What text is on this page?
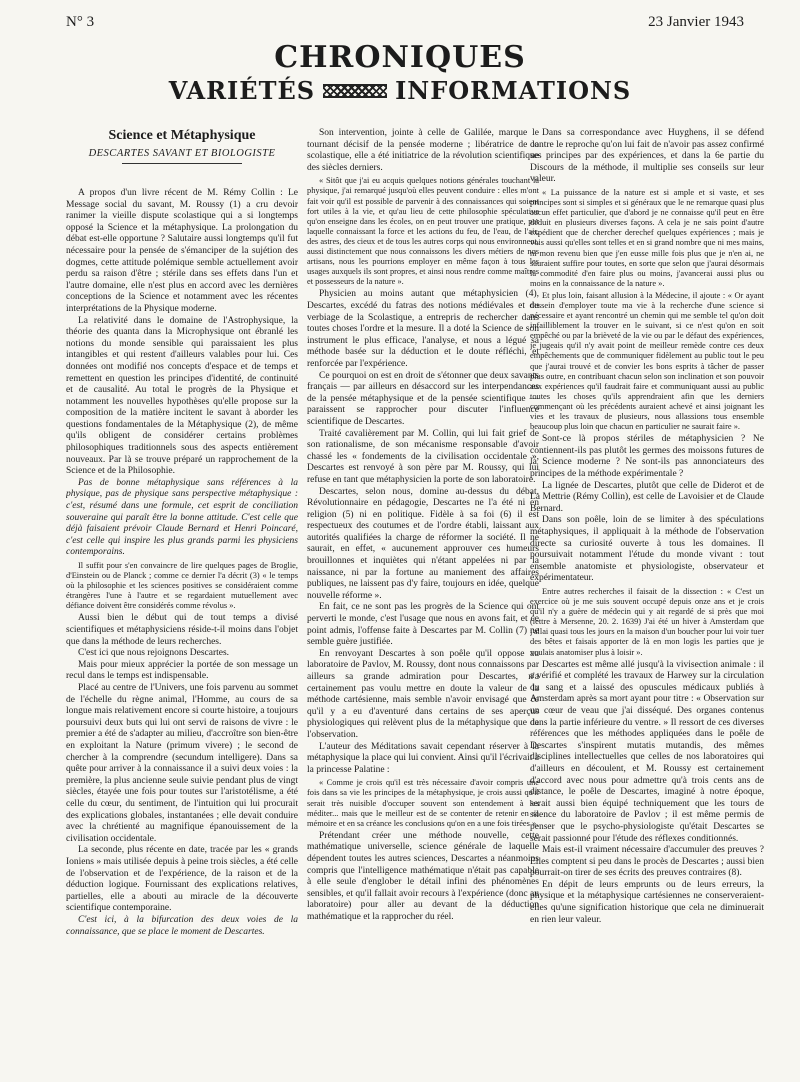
N° 3	23 Janvier 1943
CHRONIQUES
VARIÉTÉS	INFORMATIONS
Science et Métaphysique
DESCARTES SAVANT ET BIOLOGISTE

A propos d'un livre récent de M. Rémy Collin : Le Message social du savant, M. Roussy (1) a cru devoir ranimer la vieille dispute scolastique qui a si longtemps opposé la Science et la métaphysique. La prolongation du débat est-elle opportune ? Salutaire aussi longtemps qu'il fut nécessaire pour la pensée de s'émanciper de la sujétion des dogmes, cette attitude polémique semble actuellement avoir perdu sa raison d'être ; stérile dans ses effets dans l'un et l'autre domaine, elle n'est plus en accord avec les dernières conceptions de la Science et notamment avec les récentes interprétations de la Physique moderne.

La relativité dans le domaine de l'Astrophysique, la théorie des quanta dans la Microphysique ont ébranlé les notions du monde sensible qui paraissaient les plus intangibles et qui restent d'ailleurs valables pour lui. Ces données ont modifié nos concepts d'espace et de temps et remettent en question les principes d'identité, de continuité et de causalité. Au total le progrès de la Physique et notamment les nouvelles hypothèses qu'elle propose sur la composition de la matière incitent le savant à aborder les questions fondamentales de la Métaphysique (2), de même qu'ils obligent de considérer certains problèmes philosophiques traditionnels sous des aspects entièrement nouveaux. Par là se trouve préparé un rapprochement de la Science et de la Philosophie.

Pas de bonne métaphysique sans références à la physique, pas de physique sans perspective métaphysique : c'est, résumé dans une formule, cet esprit de conciliation souveraine qui paraît être la bonne attitude. C'est celle que déjà faisaient prévoir Claude Bernard et Henri Poincaré, c'est celle qui inspire les plus grands parmi les physiciens contemporains.

Il suffit pour s'en convaincre de lire quelques pages de Broglie, d'Einstein ou de Planck ; comme ce dernier l'a décrit (3) « le temps où la philosophie et les sciences positives se considéraient comme étrangères l'une à l'autre et se regardaient mutuellement avec défiance doivent être considérés comme révolus ».

Aussi bien le début qui de tout temps a divisé scientifiques et métaphysiciens réside-t-il moins dans l'objet que dans la méthode de leurs recherches.

C'est ici que nous rejoignons Descartes.

Mais pour mieux apprécier la portée de son message un recul dans le temps est indispensable.

Placé au centre de l'Univers, une fois parvenu au sommet de l'échelle du règne animal, l'Homme, au cours de sa longue mais relativement encore si courte histoire, a toujours poursuivi deux buts qui lui ont servi de raisons de vivre : le premier a été de s'adapter au milieu, d'accroître son bien-être en exploitant la Nature (primum vivere) ; le second de chercher à la comprendre (secundum intelligere). Dans sa quête pour arriver à la connaissance il a suivi deux voies : la première, la plus ancienne seule suivie pendant plus de vingt siècles, étayée une fois pour toutes sur l'aristotélisme, a été celle du cœur, du sentiment, de l'intuition qui lui procurait des explications globales, instantanées ; elle devait conduire avec la chrétienté au magnifique épanouissement de la civilisation occidentale.

La seconde, plus récente en date, tracée par les « grands Ioniens » mais utilisée depuis à peine trois siècles, a été celle de l'observation et de l'expérience, de la raison et de la déduction logique. Fournissant des explications relatives, partielles, elle a abouti au miracle de la découverte scientifique contemporaine.

C'est ici, à la bifurcation des deux voies de la connaissance, que se place le moment de Descartes.

Son intervention, jointe à celle de Galilée, marque le tournant décisif de la pensée moderne ; libératrice de la scolastique, elle a été initiatrice de la révolution scientifique des siècles derniers.

« Sitôt que j'ai eu acquis quelques notions générales touchant la physique, j'ai remarqué jusqu'où elles peuvent conduire : elles m'ont fait voir qu'il est possible de parvenir à des connaissances qui soient fort utiles à la vie, et qu'au lieu de cette philosophie spéculative qu'on enseigne dans les écoles, on en peut trouver une pratique, par laquelle connaissant la force et les actions du feu, de l'eau, de l'air, des astres, des cieux et de tous les autres corps qui nous environnent, aussi distinctement que nous connaissons les divers métiers de nos artisans, nous les pourrions employer en même façon à tous les usages auxquels ils sont propres, et ainsi nous rendre comme maîtres et possesseurs de la nature ».

Physicien au moins autant que métaphysicien (4), Descartes, excédé du fatras des notions médiévales et du verbiage de la Scolastique, a entrepris de rechercher dans toutes choses l'ordre et la mesure. Il a doté la Science de son instrument le plus efficace, l'analyse, et nous a légué sa méthode basée sur la déduction et le doute réfléchi, et renforcée par l'expérience.

Ce pourquoi on est en droit de s'étonner que deux savants français — par ailleurs en désaccord sur les interpendances de la pensée métaphysique et de la pensée scientifique — paraissent se rapprocher pour discuter l'influence scientifique de Descartes.

Traité cavalièrement par M. Collin, qui lui fait grief de son rationalisme, de son mécanisme responsable d'avoir chassé les « fondements de la civilisation occidentale », Descartes est renvoyé à son père par M. Roussy, qui lui refuse en tant que métaphysicien la porte de son laboratoire.

Descartes, selon nous, domine au-dessus du débat. Révolutionnaire en pédagogie, Descartes ne l'a été ni en religion (5) ni en politique. Fidèle à sa foi (6) il est respectueux des coutumes et de l'ordre établi, laissant aux autorités qualifiées la charge de réformer la société. Il ne saurait, en effet, « aucunement approuver ces humeurs brouillonnes et inquiètes qui n'étant appelées ni par la naissance, ni par la fortune au maniement des affaires publiques, ne laissent pas d'y faire, toujours en idée, quelque nouvelle réforme ».

En fait, ce ne sont pas les progrès de la Science qui ont perverti le monde, c'est l'usage que nous en avons fait, et ce point admis, l'offense faite à Descartes par M. Collin (7) ne semble guère justifiée.

En renvoyant Descartes à son poêle qu'il oppose au laboratoire de Pavlov, M. Roussy, dont nous connaissons par ailleurs sa grande admiration pour Descartes, n'a certainement pas voulu mettre en doute la valeur de la méthode cartésienne, mais semble n'avoir envisagé que ce qu'il y a eu d'aventuré dans certains de ses aperçus physiologiques qui relèvent plus de la métaphysique que de l'observation.

L'auteur des Méditations savait cependant réserver à la métaphysique la place qui lui convient. Ainsi qu'il l'écrivait à la princesse Palatine :

« Comme je crois qu'il est très nécessaire d'avoir compris une fois dans sa vie les principes de la métaphysique, je crois aussi qu'il serait très nuisible d'occuper souvent son entendement à les méditer... mais que le meilleur est de se contenter de retenir en sa mémoire et en sa créance les conclusions qu'on en a une fois tirées ».

Prétendant créer une méthode nouvelle, cette mathématique universelle, science générale de laquelle dépendent toutes les autres sciences, Descartes a néanmoins compris que l'intelligence mathématique n'était pas capable à elle seule d'englober le détail infini des phénomènes sensibles, et qu'il fallait avoir recours à l'expérience (donc au laboratoire) pour aller au devant de la déduction mathématique et la rapprocher du réel.

Dans sa correspondance avec Huyghens, il se défend contre le reproche qu'on lui fait de n'avoir pas assez confirmé ses principes par des expériences, et dans la 6e partie du Discours de la méthode, il multiplie ses conseils sur leur valeur.

« La puissance de la nature est si ample et si vaste, et ses principes sont si simples et si généraux que le ne remarque quasi plus aucun effet particulier, que d'abord je ne connaisse qu'il peut en être déduit en plusieurs diverses façons. A cela je ne sais point d'autre expédient que de chercher derechef quelques expériences ; mais je vois aussi qu'elles sont telles et en si grand nombre que ni mes mains, ni mon revenu bien que j'en eusse mille fois plus que je n'en ai, ne sauraient suffire pour toutes, en sorte que selon que j'aurai désormais la commodité d'en faire plus ou moins, j'avancerai aussi plus ou moins en la connaissance de la nature ».

Et plus loin, faisant allusion à la Médecine, il ajoute : « Or ayant dessein d'employer toute ma vie à la recherche d'une science si nécessaire et ayant rencontré un chemin qui me semble tel qu'on doit infailliblement la trouver en le suivant, si ce n'est qu'on en soit empêché ou par la brièveté de la vie ou par le défaut des expériences, je jugeais qu'il n'y avait point de meilleur remède contre ces deux empêchements que de communiquer fidèlement au public tout le peu que j'aurai trouvé et de convier les bons esprits à tâcher de passer plus outre, en contribuant chacun selon son inclination et son pouvoir aux expériences qu'il faudrait faire et communiquant aussi au public toutes les choses qu'ils apprendraient afin que les derniers commençant où les précédents auraient achevé et ainsi joignant les vies et les travaux de plusieurs, nous allassions tous ensemble beaucoup plus loin que chacun en particulier ne saurait faire ».

Sont-ce là propos stériles de métaphysicien ? Ne contiennent-ils pas plutôt les germes des moissons futures de la Science moderne ? Ne sont-ils pas annonciateurs des principes de la méthode expérimentale ?

La lignée de Descartes, plutôt que celle de Diderot et de La Mettrie (Rémy Collin), est celle de Lavoisier et de Claude Bernard.

Dans son poêle, loin de se limiter à des spéculations métaphysiques, il appliquait à la méthode de l'observation directe sa curiosité ouverte à tous les domaines. Il poursuivait notamment l'étude du monde vivant : tout ensemble anatomiste et physiologiste, observateur et expérimentateur.

Entre autres recherches il faisait de la dissection : « C'est un exercice où je me suis souvent occupé depuis onze ans et je crois qu'il n'y a guère de médecin qui y ait regardé de si près que moi (lettre à Mersenne, 20. 2. 1639) J'ai été un hiver à Amsterdam que j'allai quasi tous les jours en la maison d'un boucher pour lui voir tuer des bêtes et faisais apporter de là en mon logis les parties que je voulais anatomiser plus à loisir ».

Descartes est même allé jusqu'à la vivisection animale : il a vérifié et complété les travaux de Harwey sur la circulation du sang et a laissé des opuscules médicaux publiés à Amsterdam après sa mort ayant pour titre : « Observation sur un cœur de veau que j'ai disséqué. Des organes contenus dans la partie inférieure du ventre. » Il ressort de ces diverses références que les méthodes appliquées dans le poêle de Descartes s'inspirent mutatis mutandis, des mêmes disciplines intellectuelles que celles de nos laboratoires qui d'ailleurs en découlent, et M. Roussy est certainement d'accord avec nous pour admettre qu'à trois cents ans de distance, le poêle de Descartes, imaginé à notre époque, serait aussi bien équipé techniquement que les tours de silence du laboratoire de Pavlov ; il est même permis de penser que le psycho-physiologiste qu'était Descartes se serait passionné pour l'étude des réflexes conditionnés.

Mais est-il vraiment nécessaire d'accumuler des preuves ? Elles comptent si peu dans le procès de Descartes ; aussi bien pourrait-on tirer de ses écrits des preuves contraires (8).

En dépit de leurs emprunts ou de leurs erreurs, la physique et la métaphysique cartésiennes ne conserveraient-elles qu'une signification historique que cela ne diminuerait en rien leur valeur.
